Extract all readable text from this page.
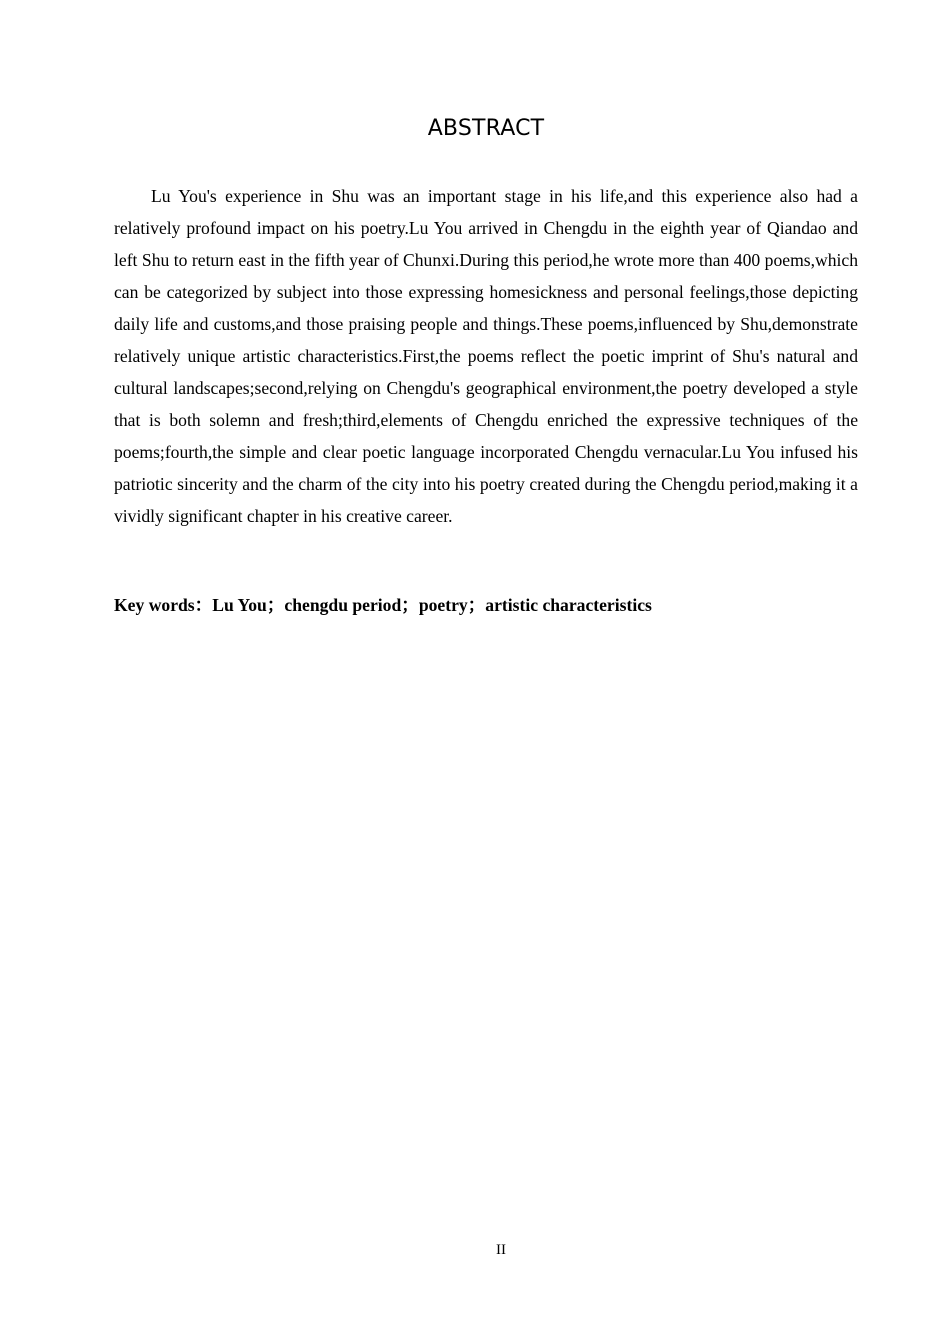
ABSTRACT

Lu You's experience in Shu was an important stage in his life,and this experience also had a relatively profound impact on his poetry.Lu You arrived in Chengdu in the eighth year of Qiandao and left Shu to return east in the fifth year of Chunxi.During this period,he wrote more than 400 poems,which can be categorized by subject into those expressing homesickness and personal feelings,those depicting daily life and customs,and those praising people and things.These poems,influenced by Shu,demonstrate relatively unique artistic characteristics.First,the poems reflect the poetic imprint of Shu's natural and cultural landscapes;second,relying on Chengdu's geographical environment,the poetry developed a style that is both solemn and fresh;third,elements of Chengdu enriched the expressive techniques of the poems;fourth,the simple and clear poetic language incorporated Chengdu vernacular.Lu You infused his patriotic sincerity and the charm of the city into his poetry created during the Chengdu period,making it a vividly significant chapter in his creative career.

Key words：Lu You；chengdu period；poetry；artistic characteristics

II
